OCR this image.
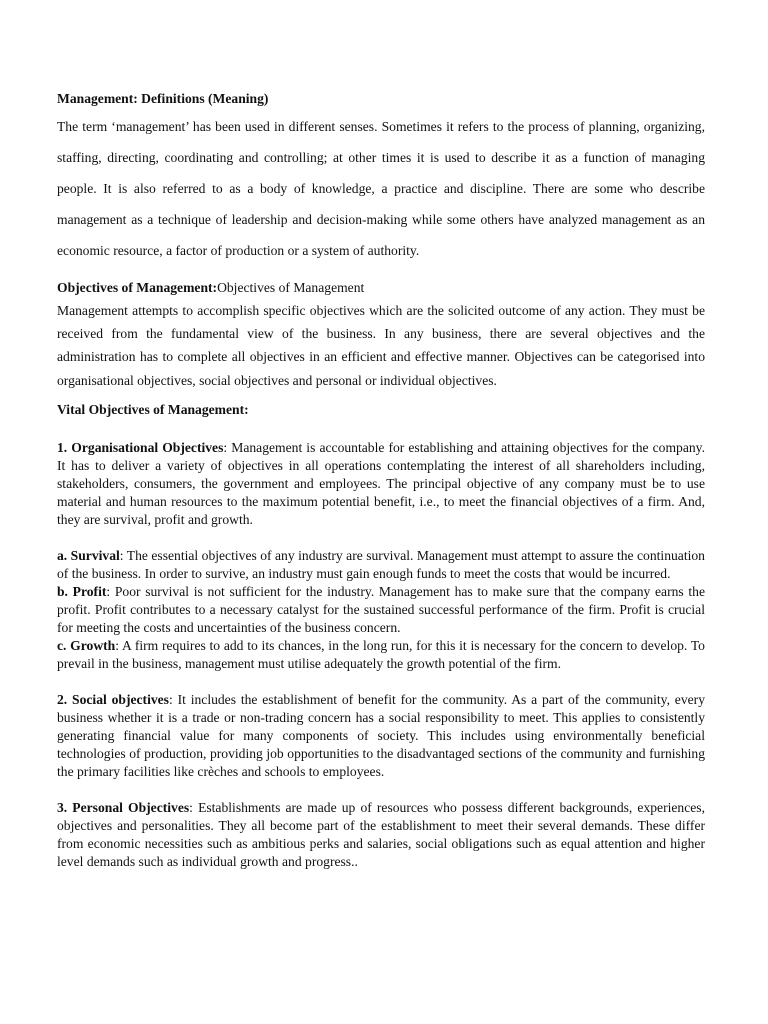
Management: Definitions (Meaning)

The term ‘management’ has been used in different senses. Sometimes it refers to the process of planning, organizing, staffing, directing, coordinating and controlling; at other times it is used to describe it as a function of managing people. It is also referred to as a body of knowledge, a practice and discipline. There are some who describe management as a technique of leadership and decision-making while some others have analyzed management as an economic resource, a factor of production or a system of authority.

Objectives of Management:Objectives of Management

Management attempts to accomplish specific objectives which are the solicited outcome of any action. They must be received from the fundamental view of the business. In any business, there are several objectives and the administration has to complete all objectives in an efficient and effective manner. Objectives can be categorised into organisational objectives, social objectives and personal or individual objectives.

Vital Objectives of Management:

1. Organisational Objectives: Management is accountable for establishing and attaining objectives for the company. It has to deliver a variety of objectives in all operations contemplating the interest of all shareholders including, stakeholders, consumers, the government and employees. The principal objective of any company must be to use material and human resources to the maximum potential benefit, i.e., to meet the financial objectives of a firm. And, they are survival, profit and growth.

a. Survival: The essential objectives of any industry are survival. Management must attempt to assure the continuation of the business. In order to survive, an industry must gain enough funds to meet the costs that would be incurred.

b. Profit: Poor survival is not sufficient for the industry. Management has to make sure that the company earns the profit. Profit contributes to a necessary catalyst for the sustained successful performance of the firm. Profit is crucial for meeting the costs and uncertainties of the business concern.

c. Growth: A firm requires to add to its chances, in the long run, for this it is necessary for the concern to develop. To prevail in the business, management must utilise adequately the growth potential of the firm.

2. Social objectives: It includes the establishment of benefit for the community. As a part of the community, every business whether it is a trade or non-trading concern has a social responsibility to meet. This applies to consistently generating financial value for many components of society. This includes using environmentally beneficial technologies of production, providing job opportunities to the disadvantaged sections of the community and furnishing the primary facilities like crèches and schools to employees.

3. Personal Objectives: Establishments are made up of resources who possess different backgrounds, experiences, objectives and personalities. They all become part of the establishment to meet their several demands. These differ from economic necessities such as ambitious perks and salaries, social obligations such as equal attention and higher level demands such as individual growth and progress..
